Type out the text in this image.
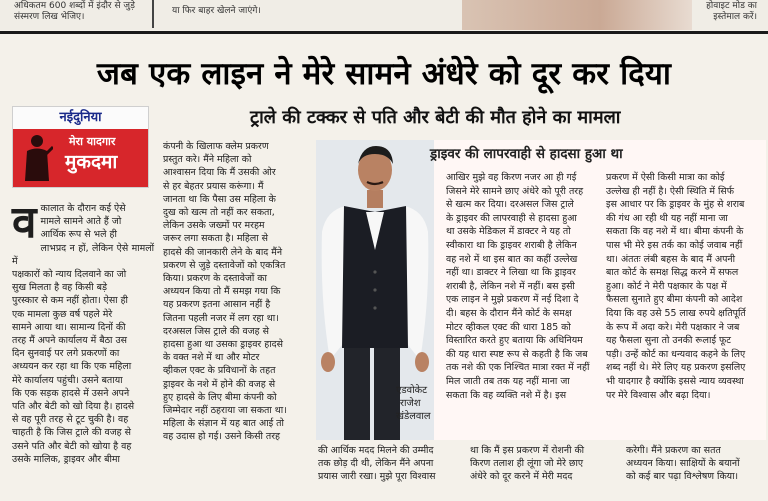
अधिकतम 600 शब्दों में इंदौर से जुड़े
संस्मरण लिख भेजिए।
या फिर बाहर खेलने जाएंगे।	होवाइट मोड का
इस्तेमाल करें।
जब एक लाइन ने मेरे सामने अंधेरे को दूर कर दिया
ट्राले की टक्कर से पति और बेटी की मौत होने का मामला
नईदुनिया
मेरा यादगार
मुकदमा
व कालात के दौरान कई ऐसे
मामले सामने आते हैं जो
आर्थिक रूप से भले ही
लाभप्रद न हों, लेकिन ऐसे मामलों में
पक्षकारों को न्याय दिलवाने का जो
सुख मिलता है वह किसी बड़े
पुरस्कार से कम नहीं होता। ऐसा ही
एक मामला कुछ वर्ष पहले मेरे
सामने आया था। सामान्य दिनों की
तरह मैं अपने कार्यालय में बैठा उस
दिन सुनवाई पर लगे प्रकरणों का
अध्ययन कर रहा था कि एक महिला
मेरे कार्यालय पहुंची। उसने बताया
कि एक सड़क हादसे में उसने अपने
पति और बेटी को खो दिया है। हादसे
से वह पूरी तरह से टूट चुकी है। वह
चाहती है कि जिस ट्राले की वजह से
उसने पति और बेटी को खोया है वह
उसके मालिक, ड्राइवर और बीमा
कंपनी के खिलाफ क्लेम प्रकरण
प्रस्तुत करे। मैंने महिला को
आश्वासन दिया कि मैं उसकी ओर
से हर बेहतर प्रयास करूंगा। मैं
जानता था कि पैसा उस महिला के
दुख को खत्म तो नहीं कर सकता,
लेकिन उसके जख्मों पर मरहम
जरूर लगा सकता है। महिला से
हादसे की जानकारी लेने के बाद मैंने
प्रकरण से जुड़े दस्तावेजों को एकत्रित
किया। प्रकरण के दस्तावेजों का
अध्ययन किया तो मैं समझ गया कि
यह प्रकरण इतना आसान नहीं है
जितना पहली नजर में लग रहा था।
दरअसल जिस ट्राले की वजह से
हादसा हुआ था उसका ड्राइवर हादसे
के वक्त नशे में था और मोटर
व्हीकल एक्ट के प्रविधानों के तहत
ड्राइवर के नशे में होने की वजह से
हुए हादसे के लिए बीमा कंपनी को
जिम्मेदार नहीं ठहराया जा सकता था।
महिला के संज्ञान में यह बात आई तो
वह उदास हो गई। उसने किसी तरह
एडवोकेट
राजेश
खंडेलवाल
ड्राइवर की लापरवाही से हादसा हुआ था
आखिर मुझे वह किरण नजर आ ही गई
जिसने मेरे सामने छाए अंधेरे को पूरी तरह
से खत्म कर दिया। दरअसल जिस ट्राले
के ड्राइवर की लापरवाही से हादसा हुआ
था उसके मेडिकल में डाक्टर ने यह तो
स्वीकारा था कि ड्राइवर शराबी है लेकिन
वह नशे में था इस बात का कहीं उल्लेख
नहीं था। डाक्टर ने लिखा था कि ड्राइवर
शराबी है, लेकिन नशे में नहीं। बस इसी
एक लाइन ने मुझे प्रकरण में नई दिशा दे
दी। बहस के दौरान मैंने कोर्ट के समक्ष
मोटर व्हीकल एक्ट की धारा 185 को
विस्तारित करते हुए बताया कि अधिनियम
की यह धारा स्पष्ट रूप से कहती है कि जब
तक नशे की एक निश्चित मात्रा रक्त में नहीं
मिल जाती तब तक यह नहीं माना जा
सकता कि वह व्यक्ति नशे में है। इस
प्रकरण में ऐसी किसी मात्रा का कोई
उल्लेख ही नहीं है। ऐसी स्थिति में सिर्फ
इस आधार पर कि ड्राइवर के मुंह से शराब
की गंध आ रही थी यह नहीं माना जा
सकता कि वह नशे में था। बीमा कंपनी के
पास भी मेरे इस तर्क का कोई जवाब नहीं
था। अंततः लंबी बहस के बाद मैं अपनी
बात कोर्ट के समक्ष सिद्ध करने में सफल
हुआ। कोर्ट ने मेरी पक्षकार के पक्ष में
फैसला सुनाते हुए बीमा कंपनी को आदेश
दिया कि वह उसे 55 लाख रुपये क्षतिपूर्ति
के रूप में अदा करे। मेरी पक्षकार ने जब
यह फैसला सुना तो उनकी रूलाई फूट
पड़ी। उन्हें कोर्ट का धन्यवाद कहने के लिए
शब्द नहीं थे। मेरे लिए यह प्रकरण इसलिए
भी यादगार है क्योंकि इससे न्याय व्यवस्था
पर मेरे विश्वास और बढ़ा दिया।
की आर्थिक मदद मिलने की उम्मीद
तक छोड़ दी थी, लेकिन मैंने अपना
प्रयास जारी रखा। मुझे पूरा विश्वास
था कि मैं इस प्रकरण में रोशनी की
किरण तलाश ही लूंगा जो मेरे छाए
अंधेरे को दूर करने में मेरी मदद
करेगी। मैंने प्रकरण का सतत
अध्ययन किया। साक्षियों के बयानों
को कई बार पढ़ा विश्लेषण किया।
